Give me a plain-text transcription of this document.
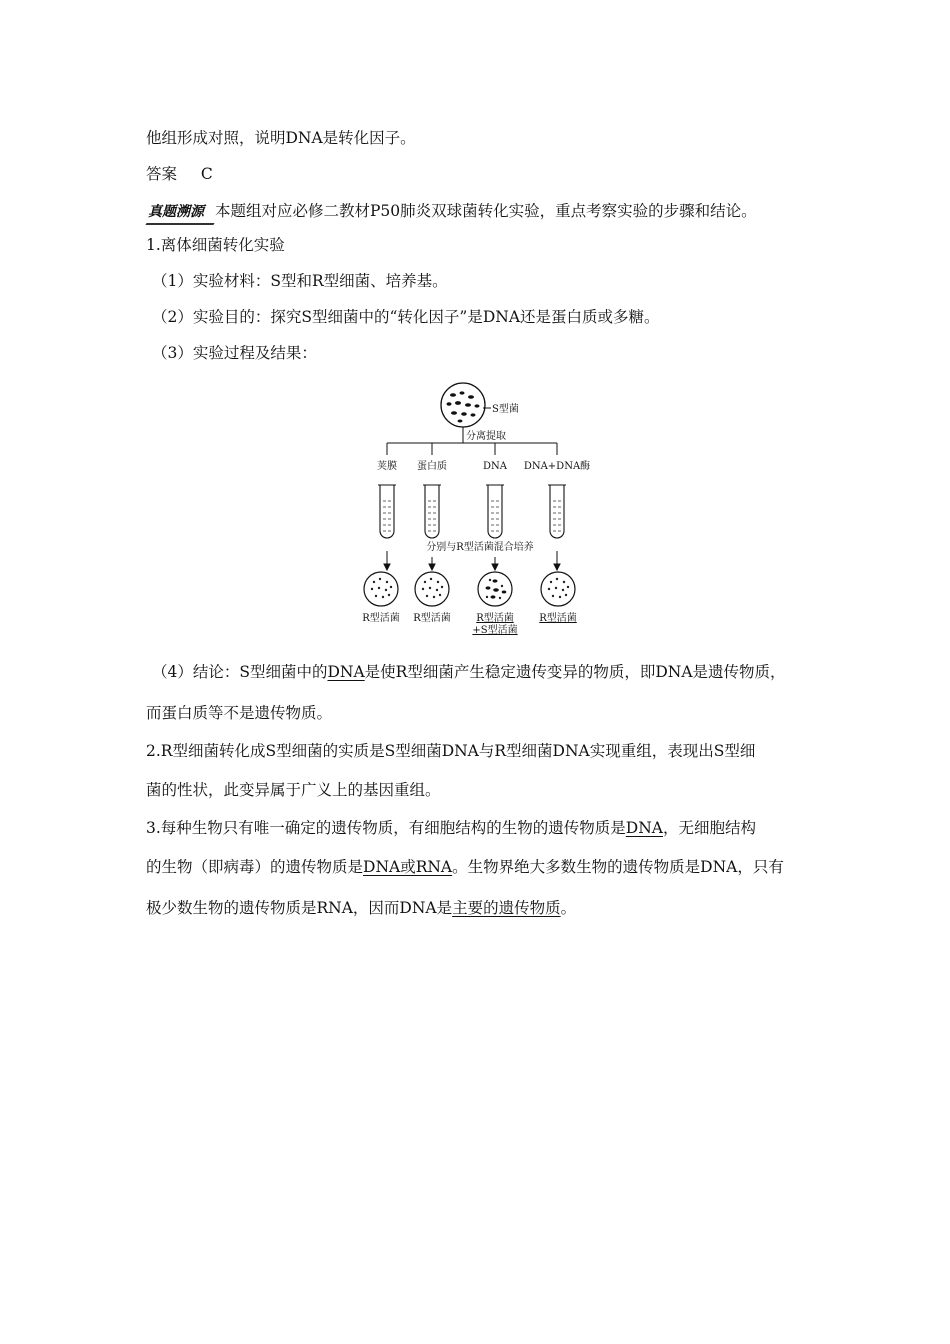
他组形成对照，说明DNA是转化因子。
答案 C
真题溯源 本题组对应必修二教材P50肺炎双球菌转化实验，重点考察实验的步骤和结论。
1.离体细菌转化实验
（1）实验材料：S型和R型细菌、培养基。
（2）实验目的：探究S型细菌中的“转化因子”是DNA还是蛋白质或多糖。
（3）实验过程及结果：
S型菌
分离提取
荚膜 蛋白质	DNA DNA+DNA酶
分别与R型活菌混合培养
R型活菌 R型活菌	R型活菌
+S型活菌
R型活菌
（4）结论：S型细菌中的DNA是使R型细菌产生稳定遗传变异的物质，即DNA是遗传物质，
而蛋白质等不是遗传物质。
2.R型细菌转化成S型细菌的实质是S型细菌DNA与R型细菌DNA实现重组，表现出S型细
菌的性状，此变异属于广义上的基因重组。
3.每种生物只有唯一确定的遗传物质，有细胞结构的生物的遗传物质是DNA，无细胞结构
的生物（即病毒）的遗传物质是DNA或RNA。生物界绝大多数生物的遗传物质是DNA，只有
极少数生物的遗传物质是RNA，因而DNA是主要的遗传物质。
